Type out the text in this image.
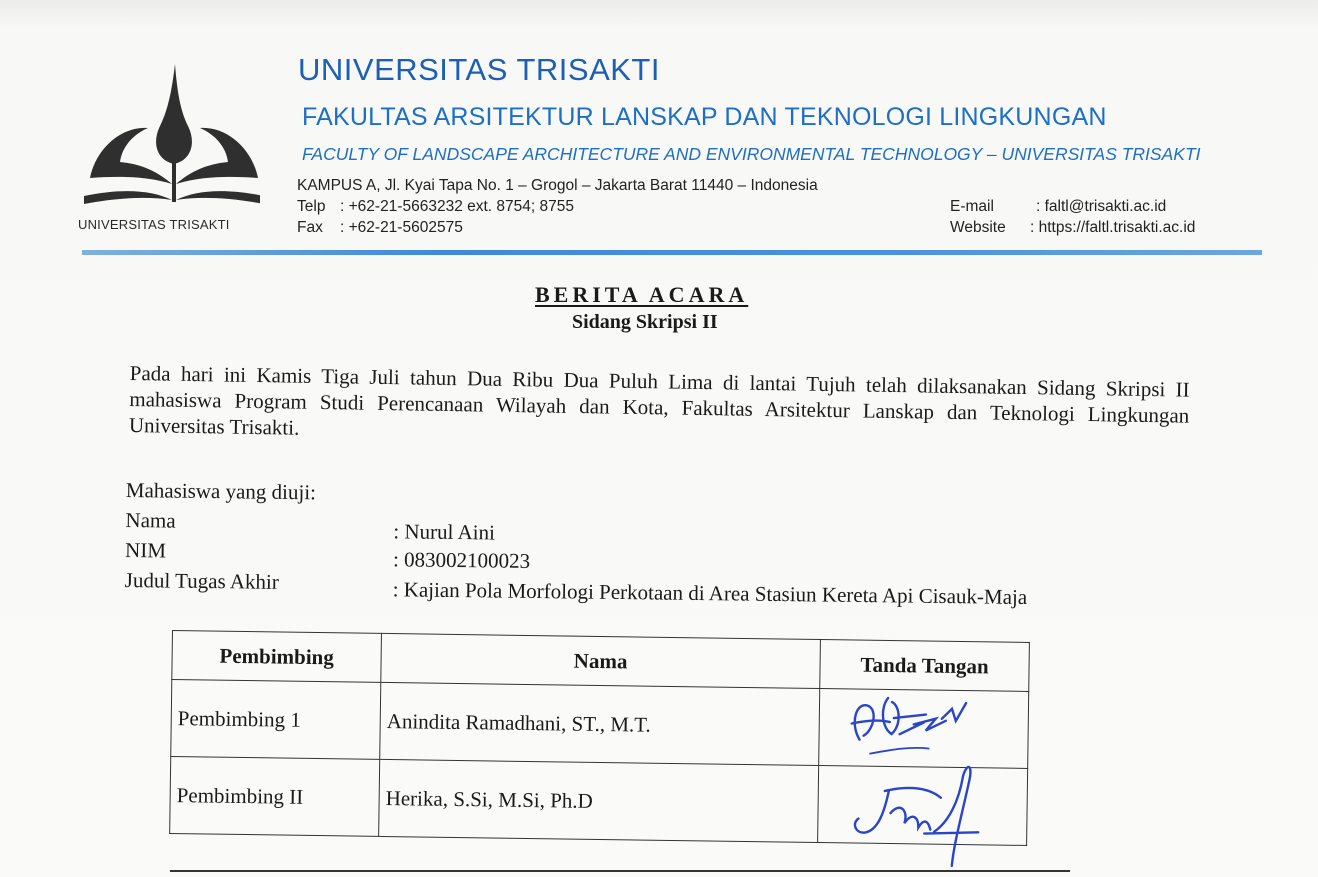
UNIVERSITAS TRISAKTI
UNIVERSITAS TRISAKTI
FAKULTAS ARSITEKTUR LANSKAP DAN TEKNOLOGI LINGKUNGAN
FACULTY OF LANDSCAPE ARCHITECTURE AND ENVIRONMENTAL TECHNOLOGY – UNIVERSITAS TRISAKTI
KAMPUS A, Jl. Kyai Tapa No. 1 – Grogol – Jakarta Barat 11440 – Indonesia
Telp : +62-21-5663232 ext. 8754; 8755
Fax : +62-21-5602575
E-mail	: faltl@trisakti.ac.id
Website : https://faltl.trisakti.ac.id
BERITA ACARA
Sidang Skripsi II
Pada hari ini Kamis Tiga Juli tahun Dua Ribu Dua Puluh Lima di lantai Tujuh telah dilaksanakan Sidang Skripsi II mahasiswa Program Studi Perencanaan Wilayah dan Kota, Fakultas Arsitektur Lanskap dan Teknologi Lingkungan Universitas Trisakti.
Mahasiswa yang diuji:
Nama	: Nurul Aini
NIM	: 083002100023
Judul Tugas Akhir	: Kajian Pola Morfologi Perkotaan di Area Stasiun Kereta Api Cisauk-Maja
Pembimbing	Nama	Tanda Tangan
Pembimbing 1	Anindita Ramadhani, ST., M.T.	

Pembimbing II	Herika, S.Si, M.Si, Ph.D	
